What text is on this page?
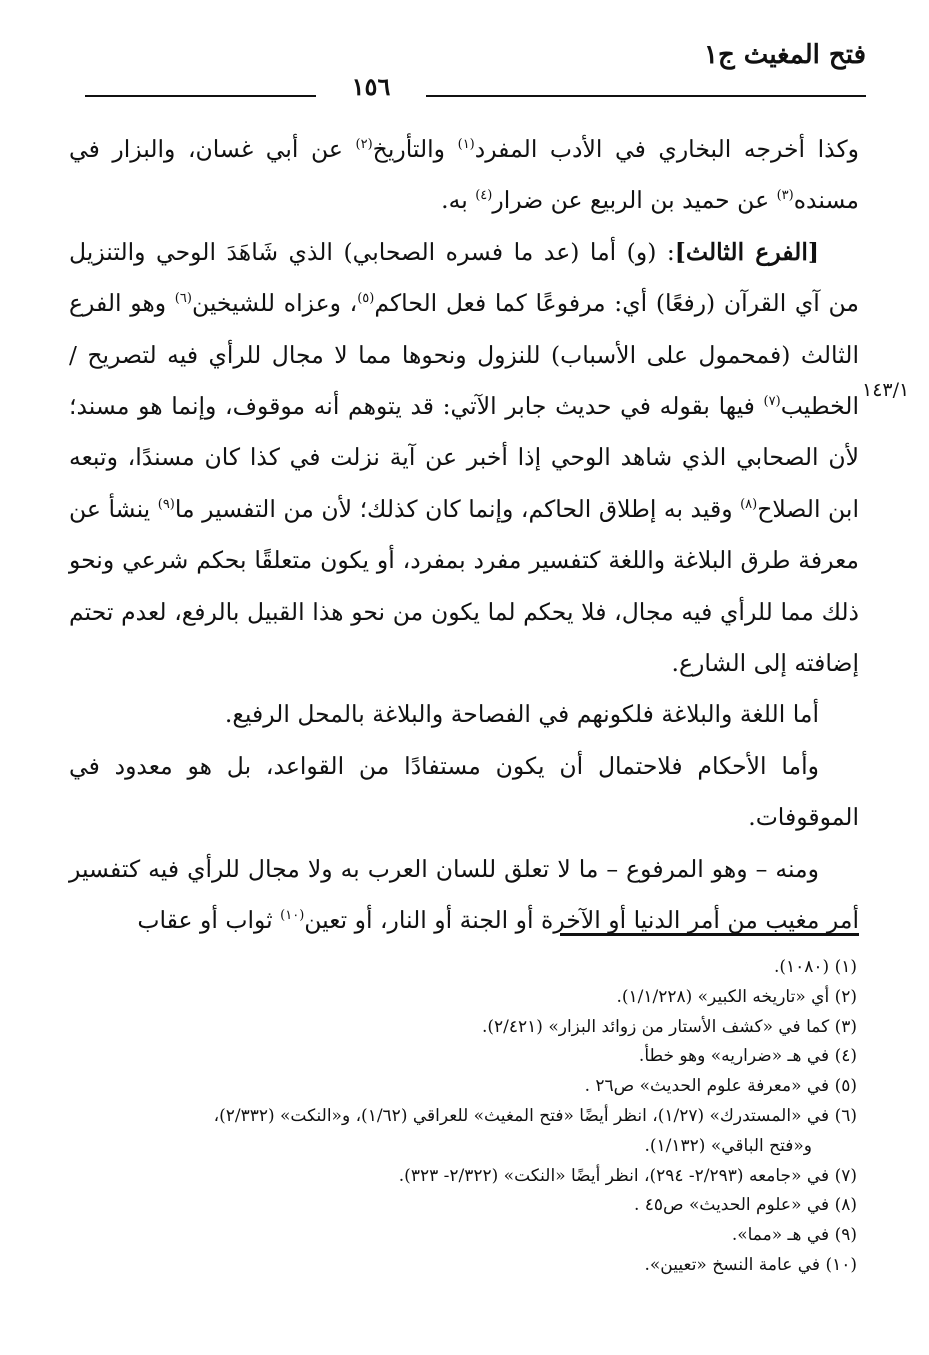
فتح المغيث ج١
١٥٦
١٤٣/١

وكذا أخرجه البخاري في الأدب المفرد$^{(١)}$ والتأريخ$^{(٢)}$ عن أبي غسان، والبزار في مسنده$^{(٣)}$ عن حميد بن الربيع عن ضرار$^{(٤)}$ به.

[الفرع الثالث]: (و) أما (عد ما فسره الصحابي) الذي شَاهَدَ الوحي والتنزيل من آي القرآن (رفعًا) أي: مرفوعًا كما فعل الحاكم$^{(٥)}$، وعزاه للشيخين$^{(٦)}$ وهو الفرع الثالث (فمحمول على الأسباب) للنزول ونحوها مما لا مجال للرأي فيه لتصريح / الخطيب$^{(٧)}$ فيها بقوله في حديث جابر الآتي: قد يتوهم أنه موقوف، وإنما هو مسند؛ لأن الصحابي الذي شاهد الوحي إذا أخبر عن آية نزلت في كذا كان مسندًا، وتبعه ابن الصلاح$^{(٨)}$ وقيد به إطلاق الحاكم، وإنما كان كذلك؛ لأن من التفسير ما$^{(٩)}$ ينشأ عن معرفة طرق البلاغة واللغة كتفسير مفرد بمفرد، أو يكون متعلقًا بحكم شرعي ونحو ذلك مما للرأي فيه مجال، فلا يحكم لما يكون من نحو هذا القبيل بالرفع، لعدم تحتم إضافته إلى الشارع.

أما اللغة والبلاغة فلكونهم في الفصاحة والبلاغة بالمحل الرفيع.

وأما الأحكام فلاحتمال أن يكون مستفادًا من القواعد، بل هو معدود في الموقوفات.

ومنه – وهو المرفوع – ما لا تعلق للسان العرب به ولا مجال للرأي فيه كتفسير أمر مغيب من أمر الدنيا أو الآخرة أو الجنة أو النار، أو تعين$^{(١٠)}$ ثواب أو عقاب

(١) (١٠٨٠).
(٢) أي «تاريخه الكبير» (١/١/٢٢٨).
(٣) كما في «كشف الأستار من زوائد البزار» (٢/٤٢١).
(٤) في هـ «ضراريه» وهو خطأ.
(٥) في «معرفة علوم الحديث» ص٢٦ .
(٦) في «المستدرك» (١/٢٧)، انظر أيضًا «فتح المغيث» للعراقي (١/٦٢)، و«النكت» (٢/٣٣٢)،
و«فتح الباقي» (١/١٣٢).
(٧) في «جامعه (٢/٢٩٣- ٢٩٤)، انظر أيضًا «النكت» (٢/٣٢٢- ٣٢٣).
(٨) في «علوم الحديث» ص٤٥ .
(٩) في هـ «مما».
(١٠) في عامة النسخ «تعيين».
